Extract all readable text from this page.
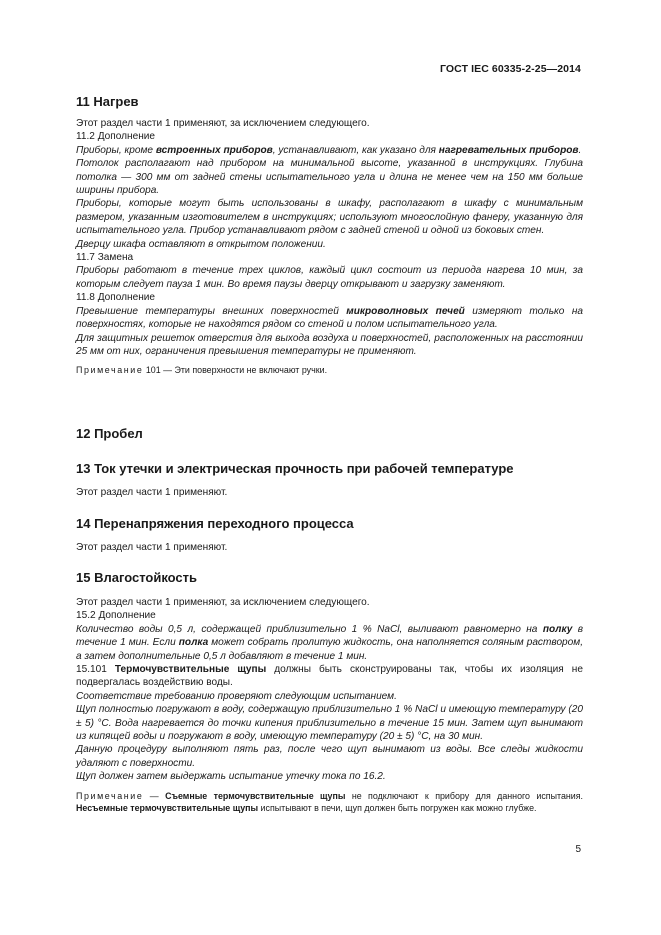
ГОСТ IEC 60335-2-25—2014
11 Нагрев

Этот раздел части 1 применяют, за исключением следующего.

11.2 Дополнение

Приборы, кроме встроенных приборов, устанавливают, как указано для нагревательных приборов.

Потолок располагают над прибором на минимальной высоте, указанной в инструкциях. Глубина потолка — 300 мм от задней стены испытательного угла и длина не менее чем на 150 мм больше ширины прибора.

Приборы, которые могут быть использованы в шкафу, располагают в шкафу с минимальным размером, указанным изготовителем в инструкциях; используют многослойную фанеру, указанную для испытательного угла. Прибор устанавливают рядом с задней стеной и одной из боковых стен.

Дверцу шкафа оставляют в открытом положении.

11.7 Замена

Приборы работают в течение трех циклов, каждый цикл состоит из периода нагрева 10 мин, за которым следует пауза 1 мин. Во время паузы дверцу открывают и загрузку заменяют.

11.8 Дополнение

Превышение температуры внешних поверхностей микроволновых печей измеряют только на поверхностях, которые не находятся рядом со стеной и полом испытательного угла.

Для защитных решеток отверстия для выхода воздуха и поверхностей, расположенных на расстоянии 25 мм от них, ограничения превышения температуры не применяют.

Примечание 101 — Эти поверхности не включают ручки.

12 Пробел
13 Ток утечки и электрическая прочность при рабочей температуре

Этот раздел части 1 применяют.

14 Перенапряжения переходного процесса

Этот раздел части 1 применяют.

15 Влагостойкость

Этот раздел части 1 применяют, за исключением следующего.

15.2 Дополнение

Количество воды 0,5 л, содержащей приблизительно 1 % NaCl, выливают равномерно на полку в течение 1 мин. Если полка может собрать пролитую жидкость, она наполняется соляным раствором, а затем дополнительные 0,5 л добавляют в течение 1 мин.

15.101 Термочувствительные щупы должны быть сконструированы так, чтобы их изоляция не подвергалась воздействию воды.

Соответствие требованию проверяют следующим испытанием.

Щуп полностью погружают в воду, содержащую приблизительно 1 % NaCl и имеющую температуру (20 ± 5) °С. Вода нагревается до точки кипения приблизительно в течение 15 мин. Затем щуп вынимают из кипящей воды и погружают в воду, имеющую температуру (20 ± 5) °С, на 30 мин.

Данную процедуру выполняют пять раз, после чего щуп вынимают из воды. Все следы жидкости удаляют с поверхности.

Щуп должен затем выдержать испытание утечку тока по 16.2.

Примечание — Съемные термочувствительные щупы не подключают к прибору для данного испытания. Несъемные термочувствительные щупы испытывают в печи, щуп должен быть погружен как можно глубже.

5
